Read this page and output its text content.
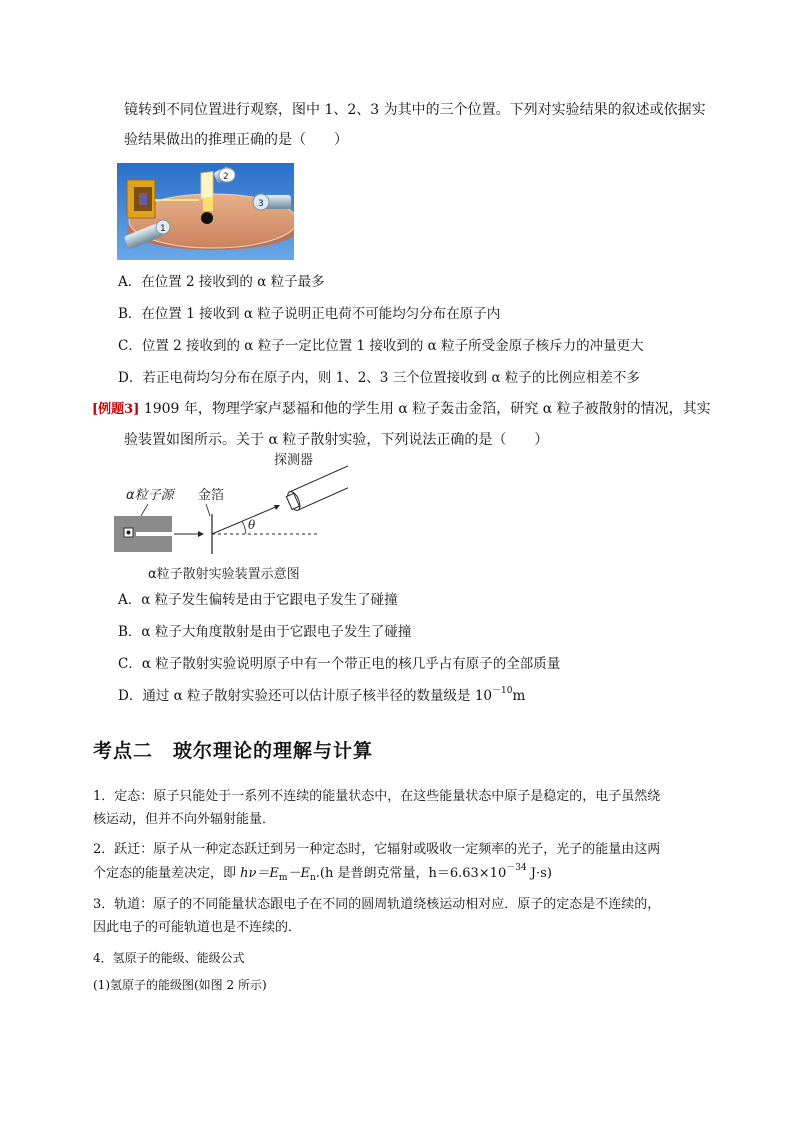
镜转到不同位置进行观察，图中 1、2、3 为其中的三个位置。下列对实验结果的叙述或依据实
验结果做出的推理正确的是（　　）
2
3
1
A．在位置 2 接收到的 α 粒子最多
B．在位置 1 接收到 α 粒子说明正电荷不可能均匀分布在原子内
C．位置 2 接收到的 α 粒子一定比位置 1 接收到的 α 粒子所受金原子核斥力的冲量更大
D．若正电荷均匀分布在原子内，则 1、2、3 三个位置接收到 α 粒子的比例应相差不多
[例题3] 1909 年，物理学家卢瑟福和他的学生用 α 粒子轰击金箔，研究 α 粒子被散射的情况，其实
验装置如图所示。关于 α 粒子散射实验，下列说法正确的是（　　）
探测器
α粒子源 金箔
θ
α粒子散射实验装置示意图
A．α 粒子发生偏转是由于它跟电子发生了碰撞
B．α 粒子大角度散射是由于它跟电子发生了碰撞
C．α 粒子散射实验说明原子中有一个带正电的核几乎占有原子的全部质量
D．通过 α 粒子散射实验还可以估计原子核半径的数量级是 $10^{-10}m$
考点二　玻尔理论的理解与计算
1．定态：原子只能处于一系列不连续的能量状态中，在这些能量状态中原子是稳定的，电子虽然绕
核运动，但并不向外辐射能量．
2．跃迁：原子从一种定态跃迁到另一种定态时，它辐射或吸收一定频率的光子，光子的能量由这两
个定态的能量差决定，即 $h\nu=E_m-E_n.(h$ 是普朗克常量，$h=6.63\times 10^{-34}$ J·s)
3．轨道：原子的不同能量状态跟电子在不同的圆周轨道绕核运动相对应．原子的定态是不连续的，
因此电子的可能轨道也是不连续的．
4．氢原子的能级、能级公式
(1)氢原子的能级图(如图 2 所示)
